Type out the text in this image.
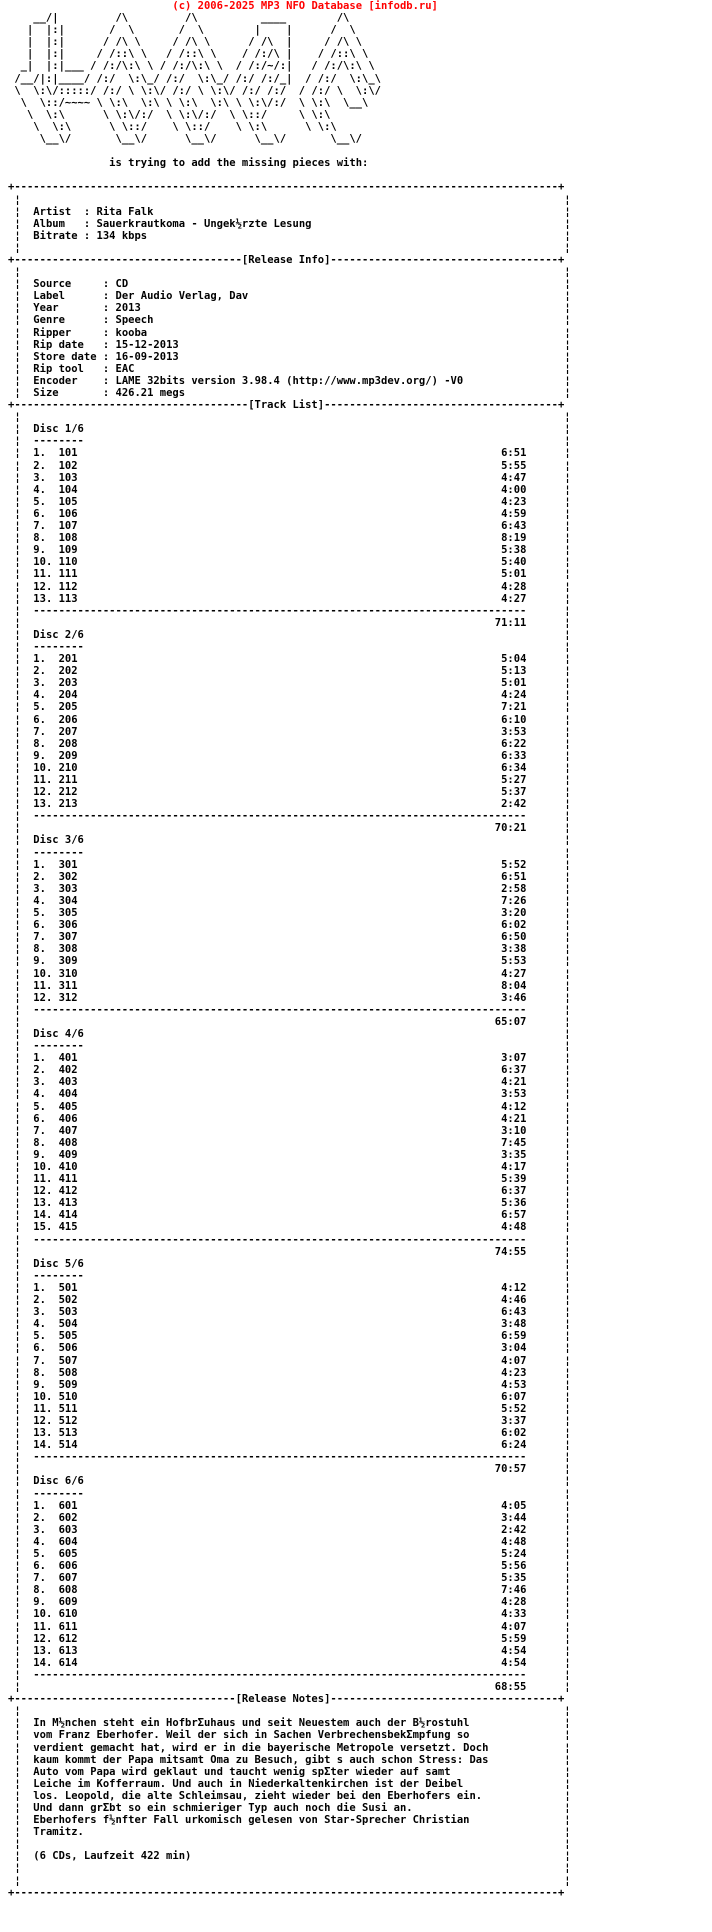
(c) 2006-2025 MP3 NFO Database [infodb.ru]
__/|         /\         /\          ____        /\
|  |:|       /  \       /  \        |    |      /  \
|  |:|      / /\ \     / /\ \      / /\  |     / /\ \
|  |:|     / /::\ \   / /::\ \    / /:/\ |    / /::\ \
_|  |:|___ / /:/\:\ \ / /:/\:\ \  / /:/~/:|   / /:/\:\ \
/__/|:|____/ /:/  \:\_/ /:/  \:\_/ /:/ /:/_|  / /:/  \:\_\
\  \:\/:::::/ /:/ \ \:\/ /:/ \ \:\/ /:/ /:/  / /:/ \  \:\/
\  \::/~~~~ \ \:\  \:\ \ \:\  \:\ \ \:\/:/  \ \:\  \__\
\  \:\      \ \:\/:/  \ \:\/:/  \ \::/     \ \:\
\  \:\      \ \::/    \ \::/    \ \:\      \ \:\
\__\/       \__\/      \__\/      \__\/       \__\/

is trying to add the missing pieces with:

+--------------------------------------------------------------------------------------+
¦                                                                                      ¦
¦  Artist  : Rita Falk                                                                 ¦
¦  Album   : Sauerkrautkoma - Ungek½rzte Lesung                                        ¦
¦  Bitrate : 134 kbps                                                                  ¦
¦                                                                                      ¦
+------------------------------------[Release Info]------------------------------------+
¦                                                                                      ¦
¦  Source     : CD                                                                     ¦
¦  Label      : Der Audio Verlag, Dav                                                  ¦
¦  Year       : 2013                                                                   ¦
¦  Genre      : Speech                                                                 ¦
¦  Ripper     : kooba                                                                  ¦
¦  Rip date   : 15-12-2013                                                             ¦
¦  Store date : 16-09-2013                                                             ¦
¦  Rip tool   : EAC                                                                    ¦
¦  Encoder    : LAME 32bits version 3.98.4 (http://www.mp3dev.org/) -V0                ¦
¦  Size       : 426.21 megs                                                            ¦
+-------------------------------------[Track List]-------------------------------------+
¦                                                                                      ¦
¦  Disc 1/6                                                                            ¦
¦  --------                                                                            ¦
¦  1.  101	6:51      ¦
¦  2.  102	5:55      ¦
¦  3.  103	4:47      ¦
¦  4.  104	4:00      ¦
¦  5.  105	4:23      ¦
¦  6.  106	4:59      ¦
¦  7.  107	6:43      ¦
¦  8.  108	8:19      ¦
¦  9.  109	5:38      ¦
¦  10. 110	5:40      ¦
¦  11. 111	5:01      ¦
¦  12. 112	4:28      ¦
¦  13. 113	4:27      ¦
¦  ------------------------------------------------------------------------------      ¦
¦                                                                           71:11      ¦
¦  Disc 2/6                                                                            ¦
¦  --------                                                                            ¦
¦  1.  201	5:04      ¦
¦  2.  202	5:13      ¦
¦  3.  203	5:01      ¦
¦  4.  204	4:24      ¦
¦  5.  205	7:21      ¦
¦  6.  206	6:10      ¦
¦  7.  207	3:53      ¦
¦  8.  208	6:22      ¦
¦  9.  209	6:33      ¦
¦  10. 210	6:34      ¦
¦  11. 211	5:27      ¦
¦  12. 212	5:37      ¦
¦  13. 213	2:42      ¦
¦  ------------------------------------------------------------------------------      ¦
¦                                                                           70:21      ¦
¦  Disc 3/6                                                                            ¦
¦  --------                                                                            ¦
¦  1.  301	5:52      ¦
¦  2.  302	6:51      ¦
¦  3.  303	2:58      ¦
¦  4.  304	7:26      ¦
¦  5.  305	3:20      ¦
¦  6.  306	6:02      ¦
¦  7.  307	6:50      ¦
¦  8.  308	3:38      ¦
¦  9.  309	5:53      ¦
¦  10. 310	4:27      ¦
¦  11. 311	8:04      ¦
¦  12. 312	3:46      ¦
¦  ------------------------------------------------------------------------------      ¦
¦                                                                           65:07      ¦
¦  Disc 4/6                                                                            ¦
¦  --------                                                                            ¦
¦  1.  401	3:07      ¦
¦  2.  402	6:37      ¦
¦  3.  403	4:21      ¦
¦  4.  404	3:53      ¦
¦  5.  405	4:12      ¦
¦  6.  406	4:21      ¦
¦  7.  407	3:10      ¦
¦  8.  408	7:45      ¦
¦  9.  409	3:35      ¦
¦  10. 410	4:17      ¦
¦  11. 411	5:39      ¦
¦  12. 412	6:37      ¦
¦  13. 413	5:36      ¦
¦  14. 414	6:57      ¦
¦  15. 415	4:48      ¦
¦  ------------------------------------------------------------------------------      ¦
¦                                                                           74:55      ¦
¦  Disc 5/6                                                                            ¦
¦  --------                                                                            ¦
¦  1.  501	4:12      ¦
¦  2.  502	4:46      ¦
¦  3.  503	6:43      ¦
¦  4.  504	3:48      ¦
¦  5.  505	6:59      ¦
¦  6.  506	3:04      ¦
¦  7.  507	4:07      ¦
¦  8.  508	4:23      ¦
¦  9.  509	4:53      ¦
¦  10. 510	6:07      ¦
¦  11. 511	5:52      ¦
¦  12. 512	3:37      ¦
¦  13. 513	6:02      ¦
¦  14. 514	6:24      ¦
¦  ------------------------------------------------------------------------------      ¦
¦                                                                           70:57      ¦
¦  Disc 6/6                                                                            ¦
¦  --------                                                                            ¦
¦  1.  601	4:05      ¦
¦  2.  602	3:44      ¦
¦  3.  603	2:42      ¦
¦  4.  604	4:48      ¦
¦  5.  605	5:24      ¦
¦  6.  606	5:56      ¦
¦  7.  607	5:35      ¦
¦  8.  608	7:46      ¦
¦  9.  609	4:28      ¦
¦  10. 610	4:33      ¦
¦  11. 611	4:07      ¦
¦  12. 612	5:59      ¦
¦  13. 613	4:54      ¦
¦  14. 614	4:54      ¦
¦  ------------------------------------------------------------------------------      ¦
¦                                                                           68:55      ¦
+-----------------------------------[Release Notes]------------------------------------+
¦                                                                                      ¦
¦  In M½nchen steht ein HofbrΣuhaus und seit Neuestem auch der B½rostuhl               ¦
¦  vom Franz Eberhofer. Weil der sich in Sachen VerbrechensbekΣmpfung so               ¦
¦  verdient gemacht hat, wird er in die bayerische Metropole versetzt. Doch            ¦
¦  kaum kommt der Papa mitsamt Oma zu Besuch, gibt s auch schon Stress: Das            ¦
¦  Auto vom Papa wird geklaut und taucht wenig spΣter wieder auf samt                  ¦
¦  Leiche im Kofferraum. Und auch in Niederkaltenkirchen ist der Deibel                ¦
¦  los. Leopold, die alte Schleimsau, zieht wieder bei den Eberhofers ein.             ¦
¦  Und dann grΣbt so ein schmieriger Typ auch noch die Susi an.                        ¦
¦  Eberhofers f½nfter Fall urkomisch gelesen von Star-Sprecher Christian               ¦
¦  Tramitz.                                                                            ¦
¦                                                                                      ¦
¦  (6 CDs, Laufzeit 422 min)                                                           ¦
¦                                                                                      ¦
¦                                                                                      ¦
+--------------------------------------------------------------------------------------+
